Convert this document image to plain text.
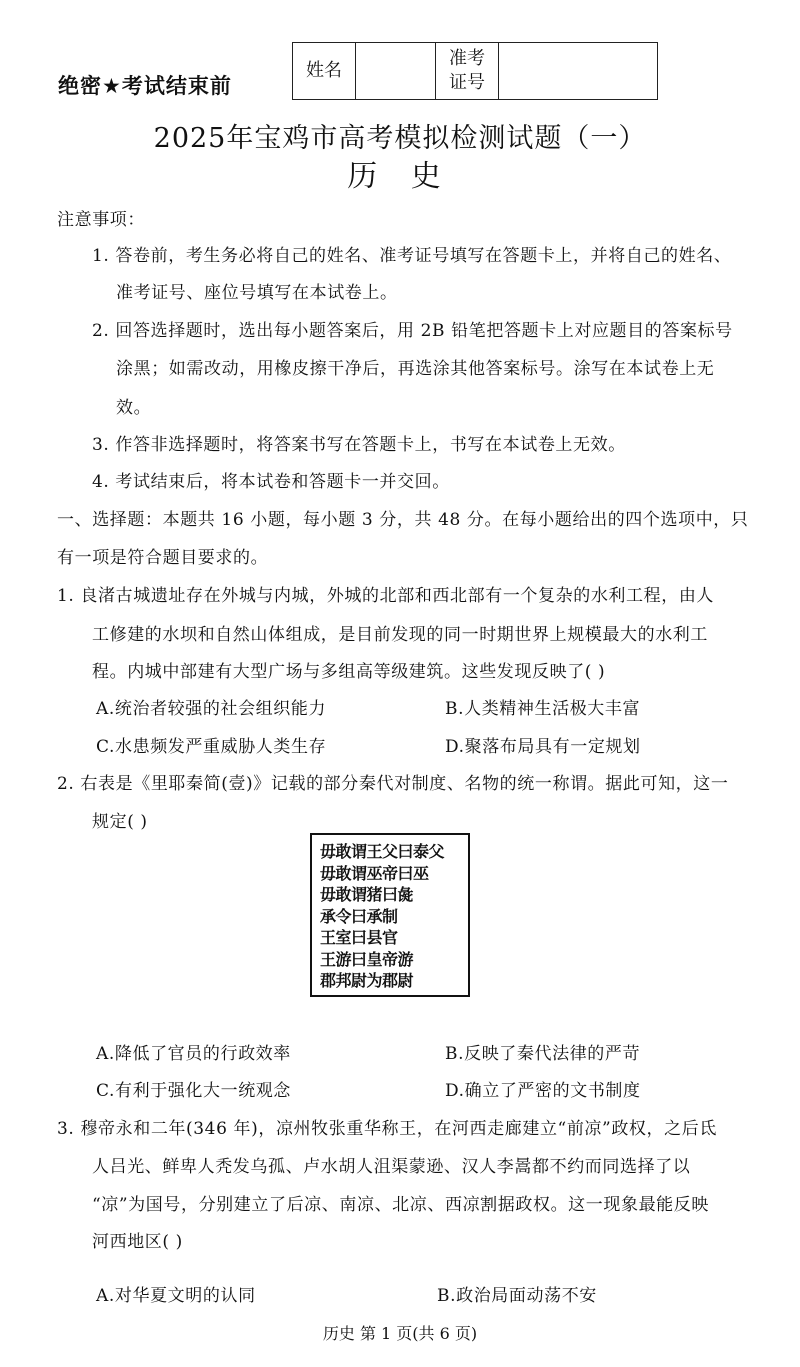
绝密★考试结束前
姓名
准考
证号
2025年宝鸡市高考模拟检测试题（一）
历 史
注意事项：
1. 答卷前，考生务必将自己的姓名、准考证号填写在答题卡上，并将自己的姓名、
准考证号、座位号填写在本试卷上。
2. 回答选择题时，选出每小题答案后，用 2B 铅笔把答题卡上对应题目的答案标号
涂黑；如需改动，用橡皮擦干净后，再选涂其他答案标号。涂写在本试卷上无
效。
3. 作答非选择题时，将答案书写在答题卡上，书写在本试卷上无效。
4. 考试结束后，将本试卷和答题卡一并交回。
一、选择题：本题共 16 小题，每小题 3 分，共 48 分。在每小题给出的四个选项中，只
有一项是符合题目要求的。
1. 良渚古城遗址存在外城与内城，外城的北部和西北部有一个复杂的水利工程，由人
工修建的水坝和自然山体组成，是目前发现的同一时期世界上规模最大的水利工
程。内城中部建有大型广场与多组高等级建筑。这些发现反映了( )
A.统治者较强的社会组织能力	B.人类精神生活极大丰富
C.水患频发严重威胁人类生存	D.聚落布局具有一定规划
2. 右表是《里耶秦简(壹)》记载的部分秦代对制度、名物的统一称谓。据此可知，这一
规定( )
毋敢谓王父曰泰父
毋敢谓巫帝曰巫
毋敢谓猪曰彘
承令曰承制
王室曰县官
王游曰皇帝游
郡邦尉为郡尉
A.降低了官员的行政效率	B.反映了秦代法律的严苛
C.有利于强化大一统观念	D.确立了严密的文书制度
3. 穆帝永和二年(346 年)，凉州牧张重华称王，在河西走廊建立“前凉”政权，之后氐
人吕光、鲜卑人秃发乌孤、卢水胡人沮渠蒙逊、汉人李暠都不约而同选择了以
“凉”为国号，分别建立了后凉、南凉、北凉、西凉割据政权。这一现象最能反映
河西地区( )
A.对华夏文明的认同	B.政治局面动荡不安
历史 第 1 页(共 6 页)
